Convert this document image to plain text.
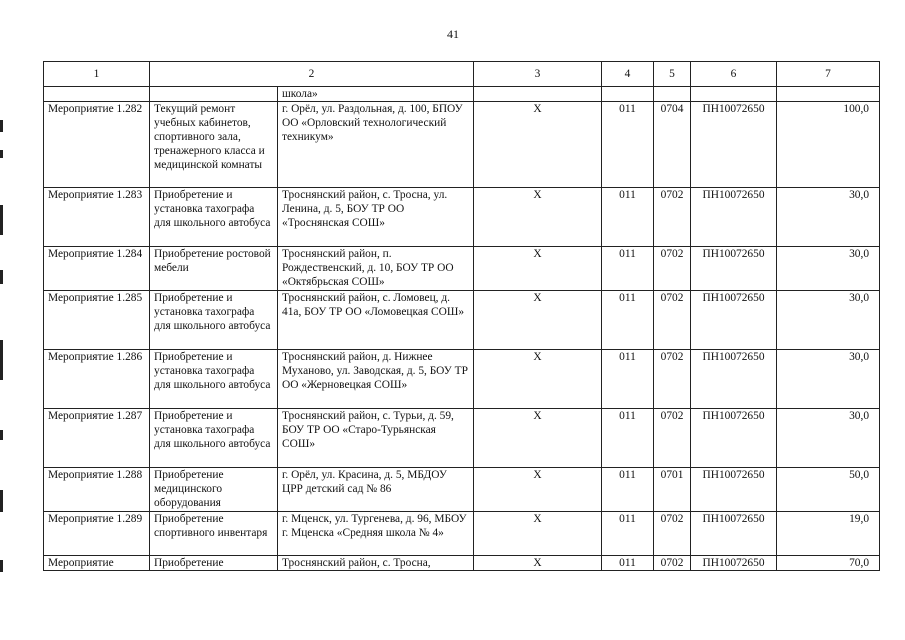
41
1	2		3	4	5	6	7
		школа»					
Мероприятие 1.282	Текущий ремонт учебных кабинетов, спортивного зала, тренажерного класса и медицинской комнаты	г. Орёл, ул. Раздольная, д. 100, БПОУ ОО «Орловский технологический техникум»	Х	011	0704	ПН10072650	100,0
Мероприятие 1.283	Приобретение и установка тахографа для школьного автобуса	Троснянский район, с. Тросна, ул. Ленина, д. 5, БОУ ТР ОО «Троснянская СОШ»	Х	011	0702	ПН10072650	30,0
Мероприятие 1.284	Приобретение ростовой мебели	Троснянский район, п. Рождественский, д. 10, БОУ ТР ОО «Октябрьская СОШ»	Х	011	0702	ПН10072650	30,0
Мероприятие 1.285	Приобретение и установка тахографа для школьного автобуса	Троснянский район, с. Ломовец, д. 41а, БОУ ТР ОО «Ломовецкая СОШ»	Х	011	0702	ПН10072650	30,0
Мероприятие 1.286	Приобретение и установка тахографа для школьного автобуса	Троснянский район, д. Нижнее Муханово, ул. Заводская, д. 5, БОУ ТР ОО «Жерновецкая СОШ»	Х	011	0702	ПН10072650	30,0
Мероприятие 1.287	Приобретение и установка тахографа для школьного автобуса	Троснянский район, с. Турьи, д. 59, БОУ ТР ОО «Старо-Турьянская СОШ»	Х	011	0702	ПН10072650	30,0
Мероприятие 1.288	Приобретение медицинского оборудования	г. Орёл, ул. Красина, д. 5, МБДОУ ЦРР детский сад № 86	Х	011	0701	ПН10072650	50,0
Мероприятие 1.289	Приобретение спортивного инвентаря	г. Мценск, ул. Тургенева, д. 96, МБОУ г. Мценска «Средняя школа № 4»	Х	011	0702	ПН10072650	19,0
Мероприятие	Приобретение	Троснянский район, с. Тросна,	Х	011	0702	ПН10072650	70,0
